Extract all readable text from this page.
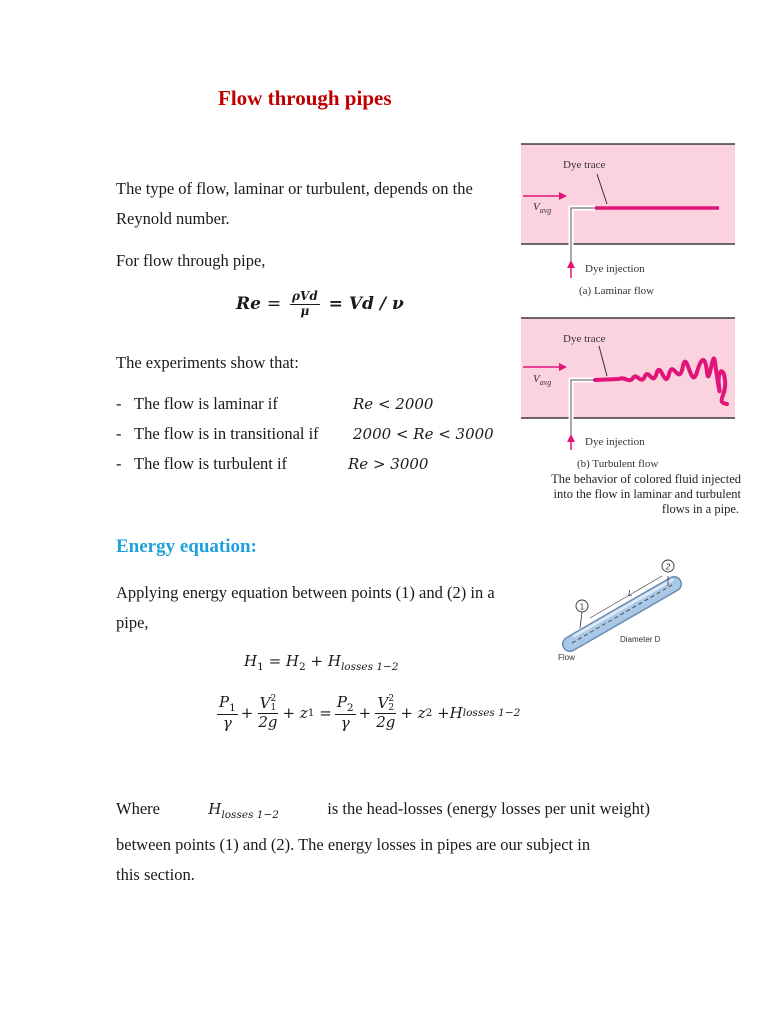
Flow through pipes
The type of flow, laminar or turbulent, depends on the
Reynold number.
For flow through pipe,
$Re = \frac{\text{ρVd}}{\mu} = Vd / \nu$
The experiments show that:
- The flow is laminar if	Re < 2000
- The flow is in transitional if 2000 < Re < 3000
- The flow is turbulent if	Re > 3000
$V_{avg}$
Dye trace
Dye injection
(a) Laminar flow
$V_{avg}$
Dye trace
Dye injection
(b) Turbulent flow
The behavior of colored fluid injected
into the flow in laminar and turbulent
flows in a pipe.
Energy equation:
Applying energy equation between points (1) and (2) in a
pipe,
2
1
L
Diameter D
Flow
$H_1 = H_2 + H_{losses 1-2}$
$\frac{P_1}{\gamma} + V$ 2
1
2g +
z 1
= $\frac{P_2}{\gamma} + V$ 2
2
2g +
z 2
+ H losses 1−2
Where	$H_{losses 1-2}$	is the head-losses (energy losses per unit weight)
between points (1) and (2). The energy losses in pipes are our subject in
this section.
